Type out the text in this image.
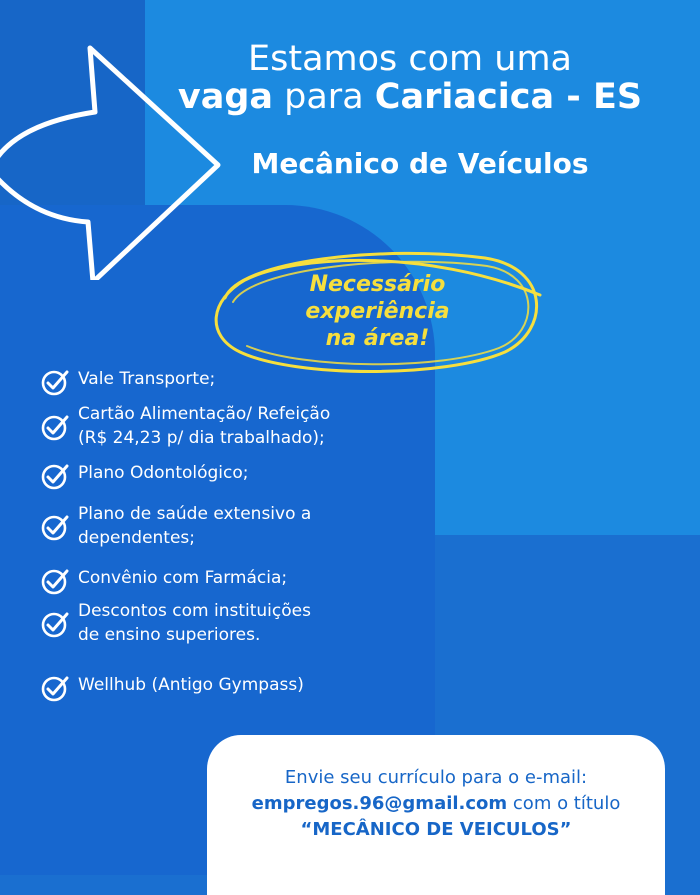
Estamos com uma
vaga para Cariacica - ES
Mecânico de Veículos
Necessário
experiência
na área!
Vale Transporte;
Cartão Alimentação/ Refeição
(R$ 24,23 p/ dia trabalhado);
Plano Odontológico;
Plano de saúde extensivo a
dependentes;
Convênio com Farmácia;
Descontos com instituições
de ensino superiores.
Wellhub (Antigo Gympass)
Envie seu currículo para o e-mail:
empregos.96@gmail.com com o título
“MECÂNICO DE VEICULOS”
